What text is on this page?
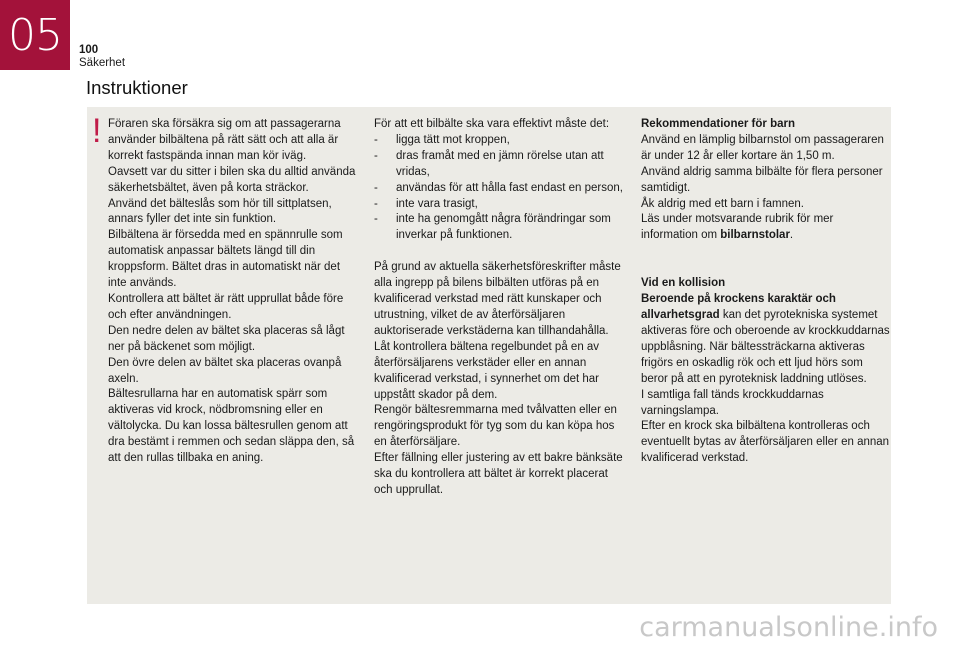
05 100
Säkerhet
Instruktioner
! Föraren ska försäkra sig om att passagerarna använder bilbältena på rätt sätt och att alla är korrekt fastspända innan man kör iväg.

Oavsett var du sitter i bilen ska du alltid använda säkerhetsbältet, även på korta sträckor.

Använd det bälteslås som hör till sittplatsen, annars fyller det inte sin funktion.

Bilbältena är försedda med en spännrulle som automatisk anpassar bältets längd till din kroppsform. Bältet dras in automatiskt när det inte används.

Kontrollera att bältet är rätt upprullat både före och efter användningen.

Den nedre delen av bältet ska placeras så lågt ner på bäckenet som möjligt.

Den övre delen av bältet ska placeras ovanpå axeln.

Bältesrullarna har en automatisk spärr som aktiveras vid krock, nödbromsning eller en vältolycka. Du kan lossa bältesrullen genom att dra bestämt i remmen och sedan släppa den, så att den rullas tillbaka en aning.

För att ett bilbälte ska vara effektivt måste det:

- ligga tätt mot kroppen,
- dras framåt med en jämn rörelse utan att vridas,
- användas för att hålla fast endast en person,
- inte vara trasigt,
- inte ha genomgått några förändringar som inverkar på funktionen.

På grund av aktuella säkerhetsföreskrifter måste alla ingrepp på bilens bilbälten utföras på en kvalificerad verkstad med rätt kunskaper och utrustning, vilket de av återförsäljaren auktoriserade verkstäderna kan tillhandahålla.

Låt kontrollera bältena regelbundet på en av återförsäljarens verkstäder eller en annan kvalificerad verkstad, i synnerhet om det har uppstått skador på dem.

Rengör bältesremmarna med tvålvatten eller en rengöringsprodukt för tyg som du kan köpa hos en återförsäljare.

Efter fällning eller justering av ett bakre bänksäte ska du kontrollera att bältet är korrekt placerat och upprullat.

Rekommendationer för barn

Använd en lämplig bilbarnstol om passageraren är under 12 år eller kortare än 1,50 m.

Använd aldrig samma bilbälte för flera personer samtidigt.

Åk aldrig med ett barn i famnen.

Läs under motsvarande rubrik för mer information om bilbarnstolar.

Vid en kollision

Beroende på krockens karaktär och allvarhetsgrad kan det pyrotekniska systemet aktiveras före och oberoende av krockkuddarnas uppblåsning. När bältessträckarna aktiveras frigörs en oskadlig rök och ett ljud hörs som beror på att en pyroteknisk laddning utlöses.

I samtliga fall tänds krockkuddarnas varningslampa.

Efter en krock ska bilbältena kontrolleras och eventuellt bytas av återförsäljaren eller en annan kvalificerad verkstad.

carmanualsonline.info
